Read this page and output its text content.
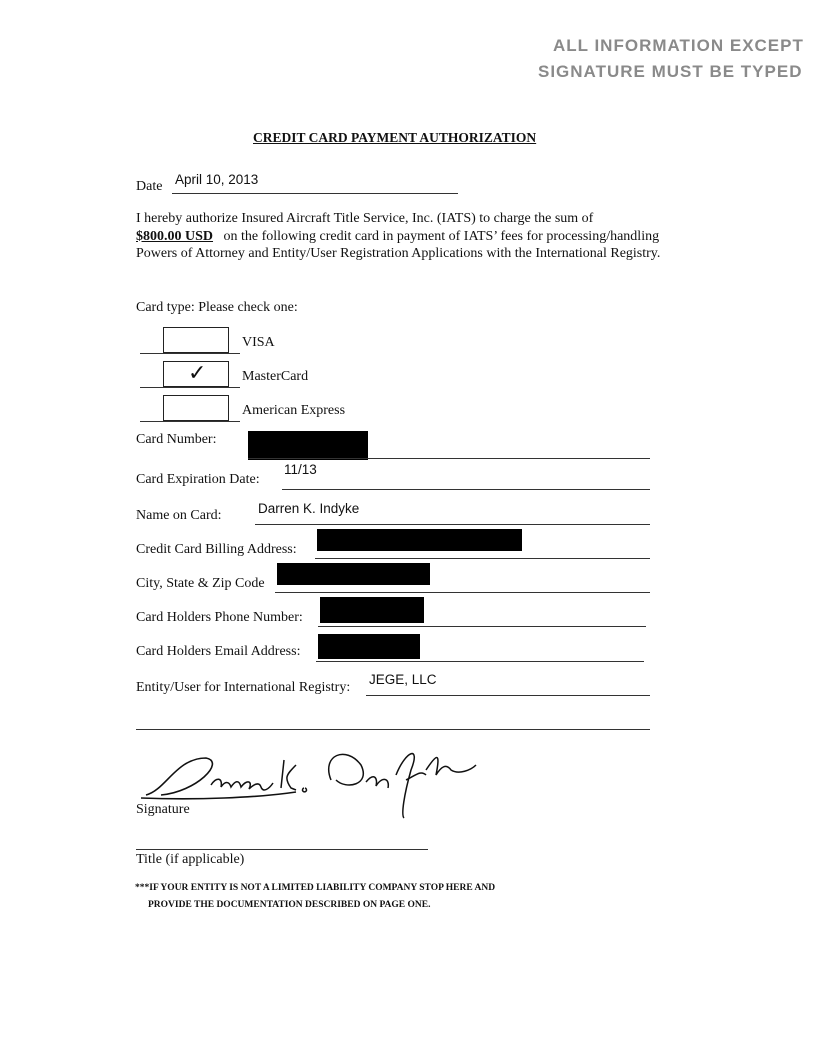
ALL INFORMATION EXCEPT
SIGNATURE MUST BE TYPED
CREDIT CARD PAYMENT AUTHORIZATION
Date April 10, 2013
I hereby authorize Insured Aircraft Title Service, Inc. (IATS) to charge the sum of
$800.00 USD   on the following credit card in payment of IATS’ fees for processing/handling Powers of Attorney and Entity/User Registration Applications with the International Registry.
Card type: Please check one:
VISA
✓	MasterCard
American Express
Card Number:
Card Expiration Date:
11/13
Name on Card:	Darren K. Indyke
Credit Card Billing Address:
City, State & Zip Code
Card Holders Phone Number:
Card Holders Email Address:
Entity/User for International Registry:
JEGE, LLC
Signature
Title (if applicable)
***IF YOUR ENTITY IS NOT A LIMITED LIABILITY COMPANY STOP HERE AND
PROVIDE THE DOCUMENTATION DESCRIBED ON PAGE ONE.
